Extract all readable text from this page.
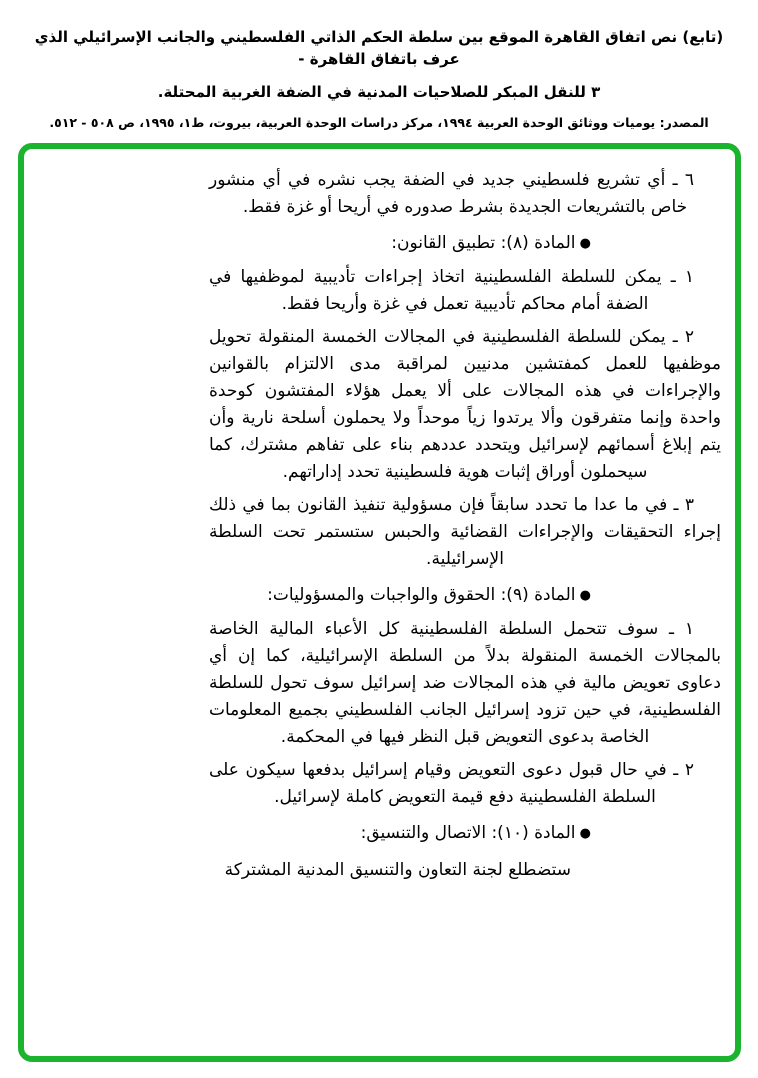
(تابع) نص اتفاق القاهرة الموقع بين سلطة الحكم الذاتي الفلسطيني والجانب الإسرائيلي الذي عرف باتفاق القاهرة -
٣ للنقل المبكر للصلاحيات المدنية في الضفة الغربية المحتلة.
المصدر: يوميات ووثائق الوحدة العربية ١٩٩٤، مركز دراسات الوحدة العربية، بيروت، ط١، ١٩٩٥، ص ٥٠٨ - ٥١٢.
٦ ـ أي تشريع فلسطيني جديد في الضفة يجب نشره في أي منشور خاص بالتشريعات الجديدة بشرط صدوره في أريحا أو غزة فقط.
● المادة (٨): تطبيق القانون:
١ ـ يمكن للسلطة الفلسطينية اتخاذ إجراءات تأديبية لموظفيها في الضفة أمام محاكم تأديبية تعمل في غزة وأريحا فقط.
٢ ـ يمكن للسلطة الفلسطينية في المجالات الخمسة المنقولة تحويل موظفيها للعمل كمفتشين مدنيين لمراقبة مدى الالتزام بالقوانين والإجراءات في هذه المجالات على ألا يعمل هؤلاء المفتشون كوحدة واحدة وإنما متفرقون وألا يرتدوا زياً موحداً ولا يحملون أسلحة نارية وأن يتم إبلاغ أسمائهم لإسرائيل ويتحدد عددهم بناء على تفاهم مشترك، كما سيحملون أوراق إثبات هوية فلسطينية تحدد إداراتهم.
٣ ـ في ما عدا ما تحدد سابقاً فإن مسؤولية تنفيذ القانون بما في ذلك إجراء التحقيقات والإجراءات القضائية والحبس ستستمر تحت السلطة الإسرائيلية.
● المادة (٩): الحقوق والواجبات والمسؤوليات:
١ ـ سوف تتحمل السلطة الفلسطينية كل الأعباء المالية الخاصة بالمجالات الخمسة المنقولة بدلاً من السلطة الإسرائيلية، كما إن أي دعاوى تعويض مالية في هذه المجالات ضد إسرائيل سوف تحول للسلطة الفلسطينية، في حين تزود إسرائيل الجانب الفلسطيني بجميع المعلومات الخاصة بدعوى التعويض قبل النظر فيها في المحكمة.
٢ ـ في حال قبول دعوى التعويض وقيام إسرائيل بدفعها سيكون على السلطة الفلسطينية دفع قيمة التعويض كاملة لإسرائيل.
● المادة (١٠): الاتصال والتنسيق:
ستضطلع لجنة التعاون والتنسيق المدنية المشتركة
